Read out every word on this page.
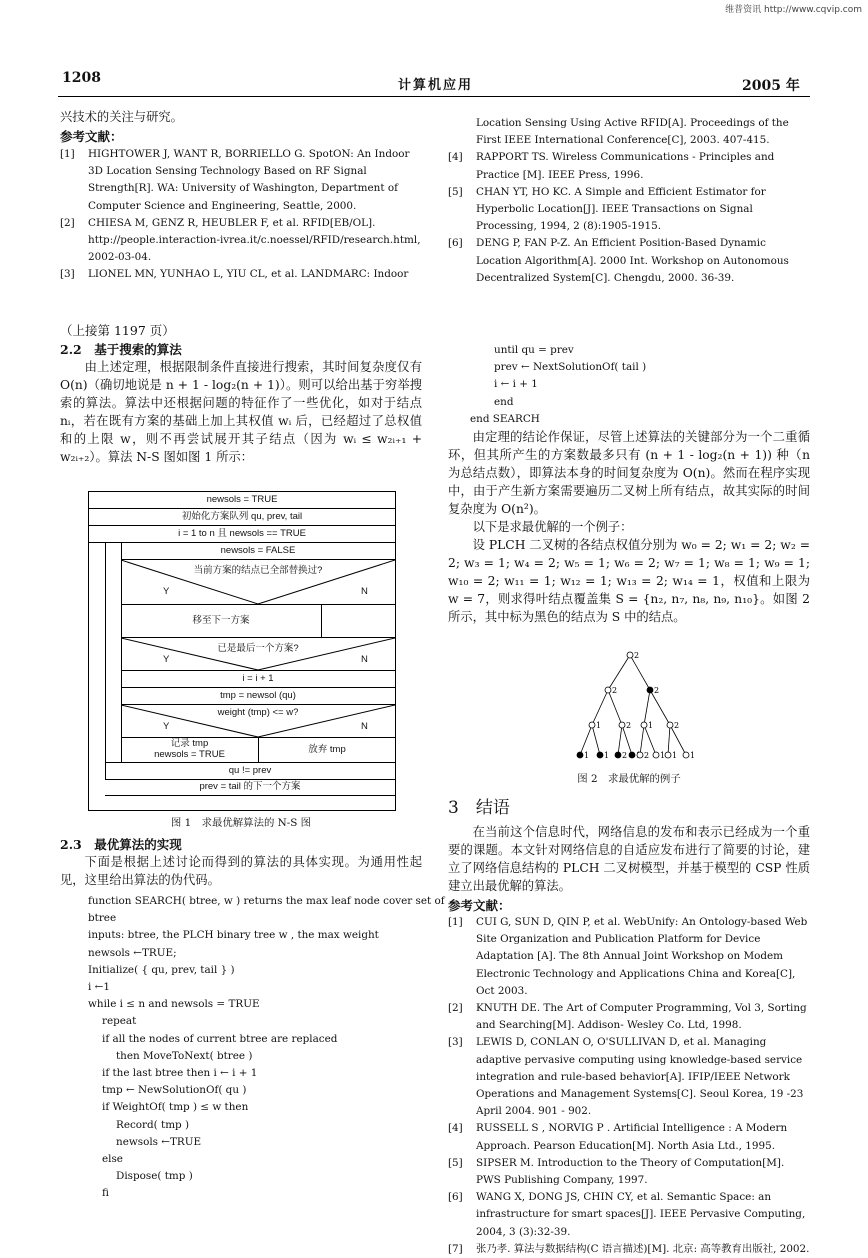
维普资讯 http://www.cqvip.com
1208	计算机应用	2005 年
兴技术的关注与研究。
参考文献：

[1] HIGHTOWER J, WANT R, BORRIELLO G. SpotON: An Indoor 3D Location Sensing Technology Based on RF Signal Strength[R]. WA: University of Washington, Department of Computer Science and Engineering, Seattle, 2000.

[2] CHIESA M, GENZ R, HEUBLER F, et al. RFID[EB/OL]. http://people.interaction-ivrea.it/c.noessel/RFID/research.html, 2002-03-04.

[3] LIONEL MN, YUNHAO L, YIU CL, et al. LANDMARC: Indoor

Location Sensing Using Active RFID[A]. Proceedings of the First IEEE International Conference[C], 2003. 407-415.

[4] RAPPORT TS. Wireless Communications - Principles and Practice [M]. IEEE Press, 1996.

[5] CHAN YT, HO KC. A Simple and Efficient Estimator for Hyperbolic Location[J]. IEEE Transactions on Signal Processing, 1994, 2 (8):1905-1915.

[6] DENG P, FAN P-Z. An Efficient Position-Based Dynamic Location Algorithm[A]. 2000 Int. Workshop on Autonomous Decentralized System[C]. Chengdu, 2000. 36-39.

（上接第 1197 页）
2.2　基于搜索的算法
由上述定理，根据限制条件直接进行搜索，其时间复杂度仅有 O(n)（确切地说是 n + 1 - log₂(n + 1)）。则可以给出基于穷举搜索的算法。算法中还根据问题的特征作了一些优化，如对于结点 nᵢ，若在既有方案的基础上加上其权值 wᵢ 后，已经超过了总权值和的上限 w，则不再尝试展开其子结点（因为 wᵢ ≤ w₂ᵢ₊₁ + w₂ᵢ₊₂）。算法 N-S 图如图 1 所示：
newsols = TRUE
初始化方案队列 qu, prev, tail
i = 1 to n 且 newsols == TRUE
newsols = FALSE
当前方案的结点已全部替换过?
Y	N
移至下一方案
已是最后一个方案?
Y	N
i = i + 1
tmp = newsol (qu)
weight (tmp) <= w?
Y	N
记录 tmp
newsols = TRUE	放弃 tmp
qu != prev
prev = tail 的下一个方案
图 1　求最优解算法的 N-S 图
2.3　最优算法的实现
下面是根据上述讨论而得到的算法的具体实现。为通用性起见，这里给出算法的伪代码。
function SEARCH( btree, w ) returns the max leaf node cover set of
btree
inputs: btree, the PLCH binary tree w , the max weight
newsols ←TRUE;
Initialize( { qu, prev, tail } )
i ←1
while i ≤ n and newsols = TRUE
repeat
if all the nodes of current btree are replaced
then MoveToNext( btree )
if the last btree then i ← i + 1
tmp ← NewSolutionOf( qu )
if WeightOf( tmp ) ≤ w then
Record( tmp )
newsols ←TRUE
else
Dispose( tmp )
fi
until qu = prev
prev ← NextSolutionOf( tail )
i ← i + 1
end
end SEARCH
由定理的结论作保证，尽管上述算法的关键部分为一个二重循环，但其所产生的方案数最多只有 (n + 1 - log₂(n + 1)) 种（n 为总结点数），即算法本身的时间复杂度为 O(n)。然而在程序实现中，由于产生新方案需要遍历二叉树上所有结点，故其实际的时间复杂度为 O(n²)。
以下是求最优解的一个例子：
设 PLCH 二叉树的各结点权值分别为 w₀ = 2; w₁ = 2; w₂ = 2; w₃ = 1; w₄ = 2; w₅ = 1; w₆ = 2; w₇ = 1; w₈ = 1; w₉ = 1; w₁₀ = 2; w₁₁ = 1; w₁₂ = 1; w₁₃ = 2; w₁₄ = 1，权值和上限为 w = 7，则求得叶结点覆盖集 S = {n₂, n₇, n₈, n₉, n₁₀}。如图 2 所示，其中标为黑色的结点为 S 中的结点。
2
2	2
1	2 1	2
1 1 2 2 1 1 1
图 2　求最优解的例子
3　结语
在当前这个信息时代，网络信息的发布和表示已经成为一个重要的课题。本文针对网络信息的自适应发布进行了简要的讨论，建立了网络信息结构的 PLCH 二叉树模型，并基于模型的 CSP 性质建立出最优解的算法。
参考文献：

[1] CUI G, SUN D, QIN P, et al. WebUnify: An Ontology-based Web Site Organization and Publication Platform for Device Adaptation [A]. The 8th Annual Joint Workshop on Modem Electronic Technology and Applications China and Korea[C], Oct 2003.

[2] KNUTH DE. The Art of Computer Programming, Vol 3, Sorting and Searching[M]. Addison- Wesley Co. Ltd, 1998.

[3] LEWIS D, CONLAN O, O'SULLIVAN D, et al. Managing adaptive pervasive computing using knowledge-based service integration and rule-based behavior[A]. IFIP/IEEE Network Operations and Management Systems[C]. Seoul Korea, 19 -23 April 2004. 901 - 902.

[4] RUSSELL S , NORVIG P . Artificial Intelligence : A Modern Approach. Pearson Education[M]. North Asia Ltd., 1995.

[5] SIPSER M. Introduction to the Theory of Computation[M]. PWS Publishing Company, 1997.

[6] WANG X, DONG JS, CHIN CY, et al. Semantic Space: an infrastructure for smart spaces[J]. IEEE Pervasive Computing, 2004, 3 (3):32-39.

[7] 张乃孝. 算法与数据结构(C 语言描述)[M]. 北京: 高等教育出版社, 2002.
